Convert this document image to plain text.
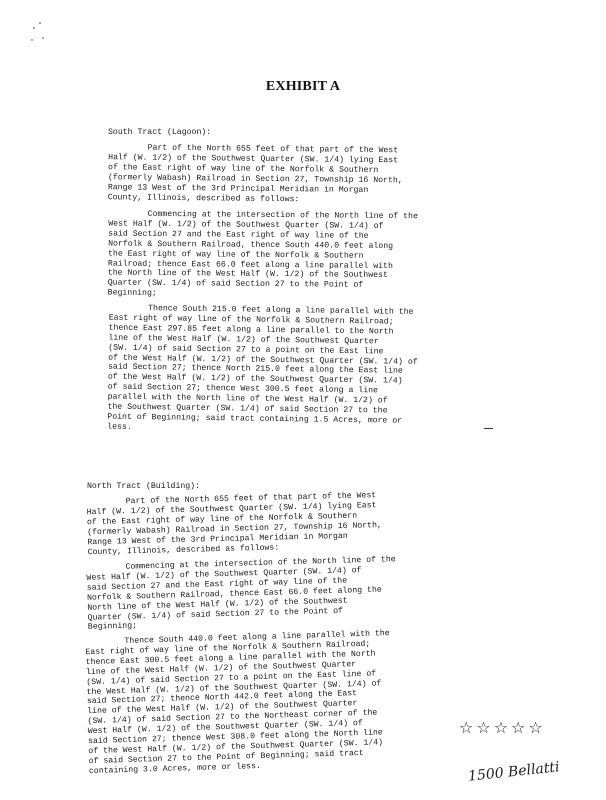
EXHIBIT A
South Tract (Lagoon):
Part of the North 655 feet of that part of the West
Half (W. 1/2) of the Southwest Quarter (SW. 1/4) lying East
of the East right of way line of the Norfolk & Southern
(formerly Wabash) Railroad in Section 27, Township 16 North,
Range 13 West of the 3rd Principal Meridian in Morgan
County, Illinois, described as follows:
Commencing at the intersection of the North line of the
West Half (W. 1/2) of the Southwest Quarter (SW. 1/4) of
said Section 27 and the East right of way line of the
Norfolk & Southern Railroad, thence South 440.0 feet along
the East right of way line of the Norfolk & Southern
Railroad; thence East 66.0 feet along a line parallel with
the North line of the West Half (W. 1/2) of the Southwest
Quarter (SW. 1/4) of said Section 27 to the Point of
Beginning;
Thence South 215.0 feet along a line parallel with the
East right of way line of the Norfolk & Southern Railroad;
thence East 297.85 feet along a line parallel to the North
line of the West Half (W. 1/2) of the Southwest Quarter
(SW. 1/4) of said Section 27 to a point on the East line
of the West Half (W. 1/2) of the Southwest Quarter (SW. 1/4) of
said Section 27; thence North 215.0 feet along the East line
of the West Half (W. 1/2) of the Southwest Quarter (SW. 1/4)
of said Section 27; thence West 300.5 feet along a line
parallel with the North line of the West Half (W. 1/2) of
the Southwest Quarter (SW. 1/4) of said Section 27 to the
Point of Beginning; said tract containing 1.5 Acres, more or
less.
North Tract (Building):
Part of the North 655 feet of that part of the West
Half (W. 1/2) of the Southwest Quarter (SW. 1/4) lying East
of the East right of way line of the Norfolk & Southern
(formerly Wabash) Railroad in Section 27, Township 16 North,
Range 13 West of the 3rd Principal Meridian in Morgan
County, Illinois, described as follows:
Commencing at the intersection of the North line of the
West Half (W. 1/2) of the Southwest Quarter (SW. 1/4) of
said Section 27 and the East right of way line of the
Norfolk & Southern Railroad, thence East 66.0 feet along the
North line of the West Half (W. 1/2) of the Southwest
Quarter (SW. 1/4) of said Section 27 to the Point of
Beginning;
Thence South 440.0 feet along a line parallel with the
East right of way line of the Norfolk & Southern Railroad;
thence East 300.5 feet along a line parallel with the North
line of the West Half (W. 1/2) of the Southwest Quarter
(SW. 1/4) of said Section 27 to a point on the East line of
the West Half (W. 1/2) of the Southwest Quarter (SW. 1/4) of
said Section 27; thence North 442.0 feet along the East
line of the West Half (W. 1/2) of the Southwest Quarter
(SW. 1/4) of said Section 27 to the Northeast corner of the
West Half (W. 1/2) of the Southwest Quarter (SW. 1/4) of
said Section 27; thence West 308.0 feet along the North line
of the West Half (W. 1/2) of the Southwest Quarter (SW. 1/4)
of said Section 27 to the Point of Beginning; said tract
containing 3.0 Acres, more or less.
☆☆☆☆☆
1500 Bellatti
